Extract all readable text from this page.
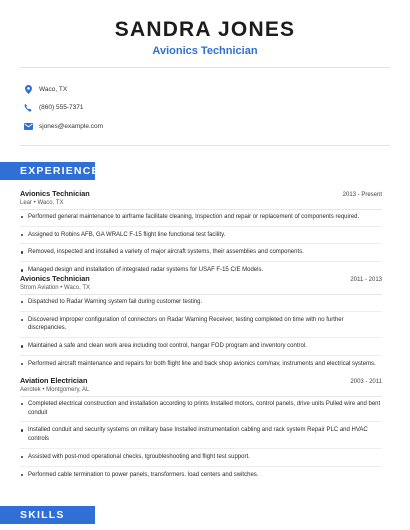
SANDRA JONES
Avionics Technician
Waco, TX
(860) 555-7371
sjones@example.com
EXPERIENCE
Avionics Technician	2013 - Present
Lear • Waco, TX
Performed general maintenance to airframe facilitate cleaning, Inspection and repair or replacement of components required.
Assigned to Robins AFB, GA WRALC F-15 flight line functional test facility.
Removed, inspected and installed a variety of major aircraft systems, their assemblies and components.
Managed design and installation of integrated radar systems for USAF F-15 C/E Models.
Avionics Technician	2011 - 2013
Strom Aviation • Waco, TX
Dispatched to Radar Warning system fail during customer testing.
Discovered improper configuration of connectors on Radar Warning Receiver, testing completed on time with no further discrepancies.
Maintained a safe and clean work area including tool control, hangar FOD program and inventory control.
Performed aircraft maintenance and repairs for both flight line and back shop avionics com/nav, instruments and electrical systems.
Aviation Electrician	2003 - 2011
Aerotek • Montgomery, AL
Completed electrical construction and installation according to prints Installed motors, control panels, drive units Pulled wire and bent conduit
Installed conduit and security systems on military base Installed instrumentation cabling and rack system Repair PLC and HVAC controls
Assisted with post-mod operational checks, tgroubleshooting and flight test support.
Performed cable termination to power panels, transformers. load centers and switches.
SKILLS
